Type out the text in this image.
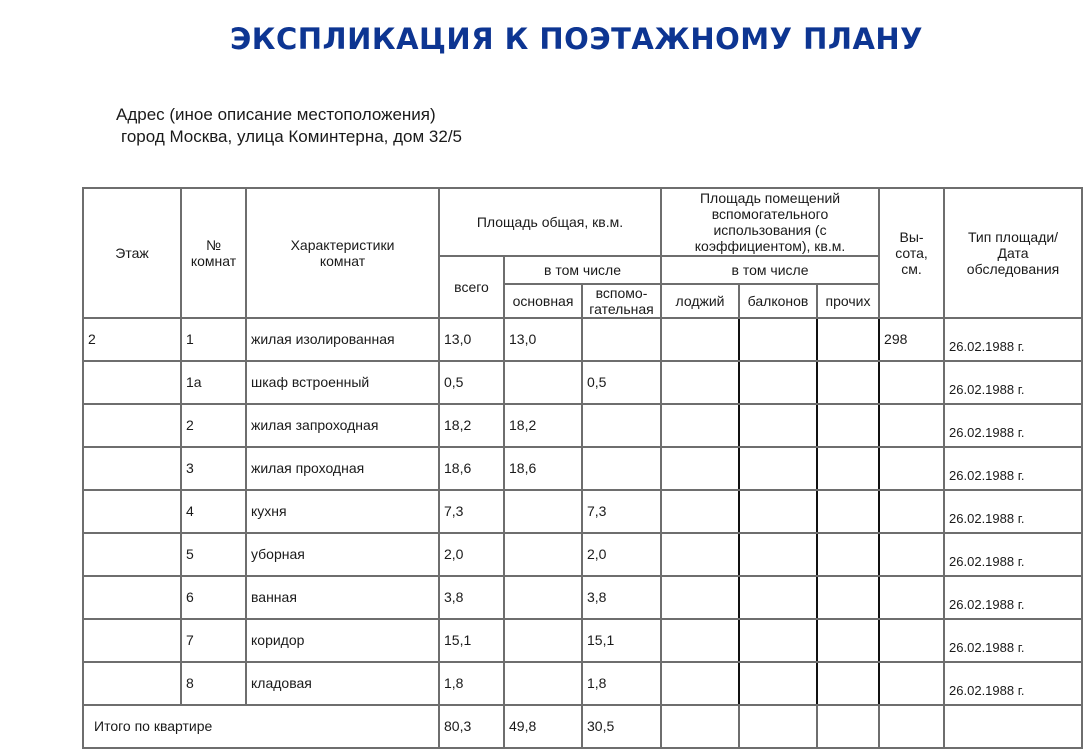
ЭКСПЛИКАЦИЯ К ПОЭТАЖНОМУ ПЛАНУ
Адрес (иное описание местоположения)
город Москва, улица Коминтерна, дом 32/5
Этаж	№ комнат	Характеристики комнат	Площадь общая, кв.м.			Площадь помещений вспомогательного использования (с коэффициентом), кв.м.			Вы-сота, см.	Тип площади/ Дата обследования
			всего	в том числе		в том числе				
				основная	вспомо-гательная	лоджий	балконов	прочих		
2	1	жилая изолированная	13,0	13,0					298	26.02.1988 г.
	1а	шкаф встроенный	0,5		0,5					26.02.1988 г.
	2	жилая запроходная	18,2	18,2						26.02.1988 г.
	3	жилая проходная	18,6	18,6						26.02.1988 г.
	4	кухня	7,3		7,3					26.02.1988 г.
	5	уборная	2,0		2,0					26.02.1988 г.
	6	ванная	3,8		3,8					26.02.1988 г.
	7	коридор	15,1		15,1					26.02.1988 г.
	8	кладовая	1,8		1,8					26.02.1988 г.
Итого по квартире			80,3	49,8	30,5					
